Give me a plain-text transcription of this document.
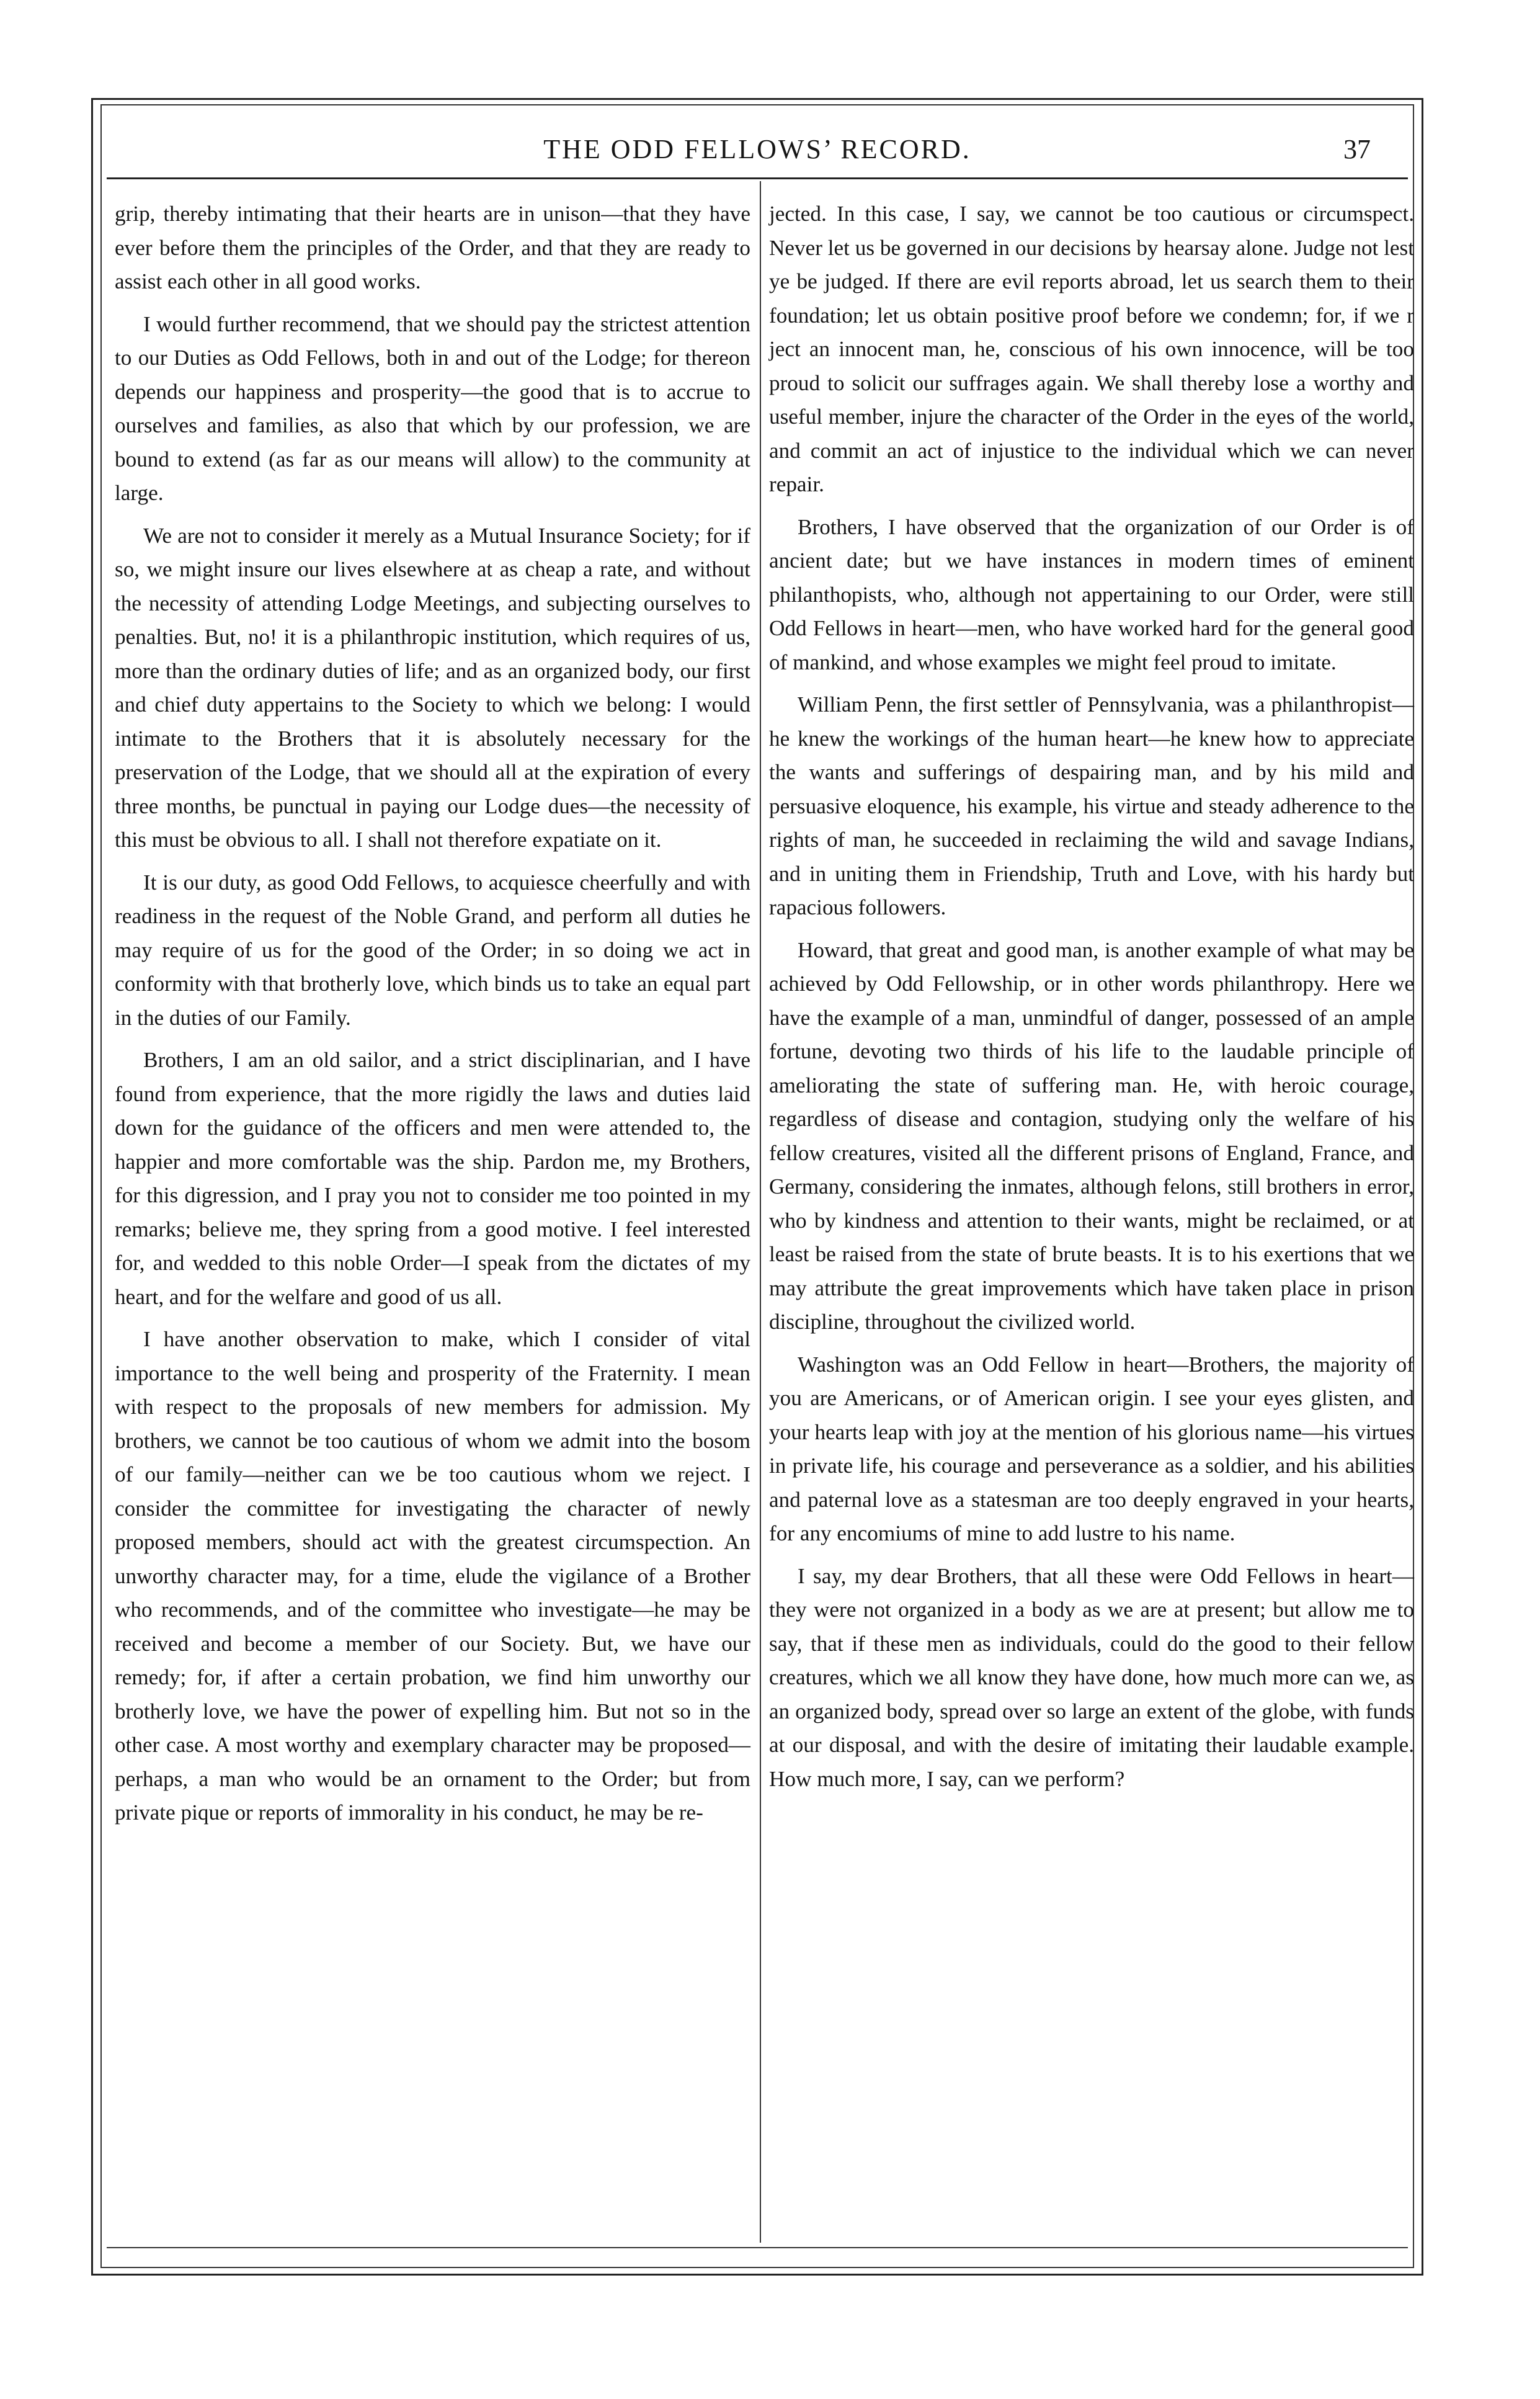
THE ODD FELLOWS’ RECORD.	37

grip, thereby intimating that their hearts are in unison—that they have ever before them the principles of the Order, and that they are ready to assist each other in all good works.

I would further recommend, that we should pay the strictest attention to our Duties as Odd Fellows, both in and out of the Lodge; for thereon depends our happiness and prosperity—the good that is to accrue to ourselves and families, as also that which by our profession, we are bound to extend (as far as our means will allow) to the community at large.

We are not to consider it merely as a Mutual Insurance Society; for if so, we might insure our lives elsewhere at as cheap a rate, and without the necessity of attending Lodge Meetings, and subjecting ourselves to penalties. But, no! it is a philanthropic institution, which requires of us, more than the ordinary duties of life; and as an organized body, our first and chief duty appertains to the Society to which we belong: I would intimate to the Brothers that it is absolutely necessary for the preservation of the Lodge, that we should all at the expiration of every three months, be punctual in paying our Lodge dues—the necessity of this must be obvious to all. I shall not therefore expatiate on it.

It is our duty, as good Odd Fellows, to acquiesce cheerfully and with readiness in the request of the Noble Grand, and perform all duties he may require of us for the good of the Order; in so doing we act in conformity with that brotherly love, which binds us to take an equal part in the duties of our Family.

Brothers, I am an old sailor, and a strict disciplinarian, and I have found from experience, that the more rigidly the laws and duties laid down for the guidance of the officers and men were attended to, the happier and more comfortable was the ship. Pardon me, my Brothers, for this digression, and I pray you not to consider me too pointed in my remarks; believe me, they spring from a good motive. I feel interested for, and wedded to this noble Order—I speak from the dictates of my heart, and for the welfare and good of us all.

I have another observation to make, which I consider of vital importance to the well being and prosperity of the Fraternity. I mean with respect to the proposals of new members for admission. My brothers, we cannot be too cautious of whom we admit into the bosom of our family—neither can we be too cautious whom we reject. I consider the committee for investigating the character of newly proposed members, should act with the greatest circumspection. An unworthy character may, for a time, elude the vigilance of a Brother who recommends, and of the committee who investigate—he may be received and become a member of our Society. But, we have our remedy; for, if after a certain probation, we find him unworthy our brotherly love, we have the power of expelling him. But not so in the other case. A most worthy and exemplary character may be proposed—perhaps, a man who would be an ornament to the Order; but from private pique or reports of immorality in his conduct, he may be re-

jected. In this case, I say, we cannot be too cautious or circumspect. Never let us be governed in our decisions by hearsay alone. Judge not lest ye be judged. If there are evil reports abroad, let us search them to their foundation; let us obtain positive proof before we condemn; for, if we r ject an innocent man, he, conscious of his own innocence, will be too proud to solicit our suffrages again. We shall thereby lose a worthy and useful member, injure the character of the Order in the eyes of the world, and commit an act of injustice to the individual which we can never repair.

Brothers, I have observed that the organization of our Order is of ancient date; but we have instances in modern times of eminent philanthopists, who, although not appertaining to our Order, were still Odd Fellows in heart—men, who have worked hard for the general good of mankind, and whose examples we might feel proud to imitate.

William Penn, the first settler of Pennsylvania, was a philanthropist—he knew the workings of the human heart—he knew how to appreciate the wants and sufferings of despairing man, and by his mild and persuasive eloquence, his example, his virtue and steady adherence to the rights of man, he succeeded in reclaiming the wild and savage Indians, and in uniting them in Friendship, Truth and Love, with his hardy but rapacious followers.

Howard, that great and good man, is another example of what may be achieved by Odd Fellowship, or in other words philanthropy. Here we have the example of a man, unmindful of danger, possessed of an ample fortune, devoting two thirds of his life to the laudable principle of ameliorating the state of suffering man. He, with heroic courage, regardless of disease and contagion, studying only the welfare of his fellow creatures, visited all the different prisons of England, France, and Germany, considering the inmates, although felons, still brothers in error, who by kindness and attention to their wants, might be reclaimed, or at least be raised from the state of brute beasts. It is to his exertions that we may attribute the great improvements which have taken place in prison discipline, throughout the civilized world.

Washington was an Odd Fellow in heart—Brothers, the majority of you are Americans, or of American origin. I see your eyes glisten, and your hearts leap with joy at the mention of his glorious name—his virtues in private life, his courage and perseverance as a soldier, and his abilities and paternal love as a statesman are too deeply engraved in your hearts, for any encomiums of mine to add lustre to his name.

I say, my dear Brothers, that all these were Odd Fellows in heart—they were not organized in a body as we are at present; but allow me to say, that if these men as individuals, could do the good to their fellow creatures, which we all know they have done, how much more can we, as an organized body, spread over so large an extent of the globe, with funds at our disposal, and with the desire of imitating their laudable example. How much more, I say, can we perform?
